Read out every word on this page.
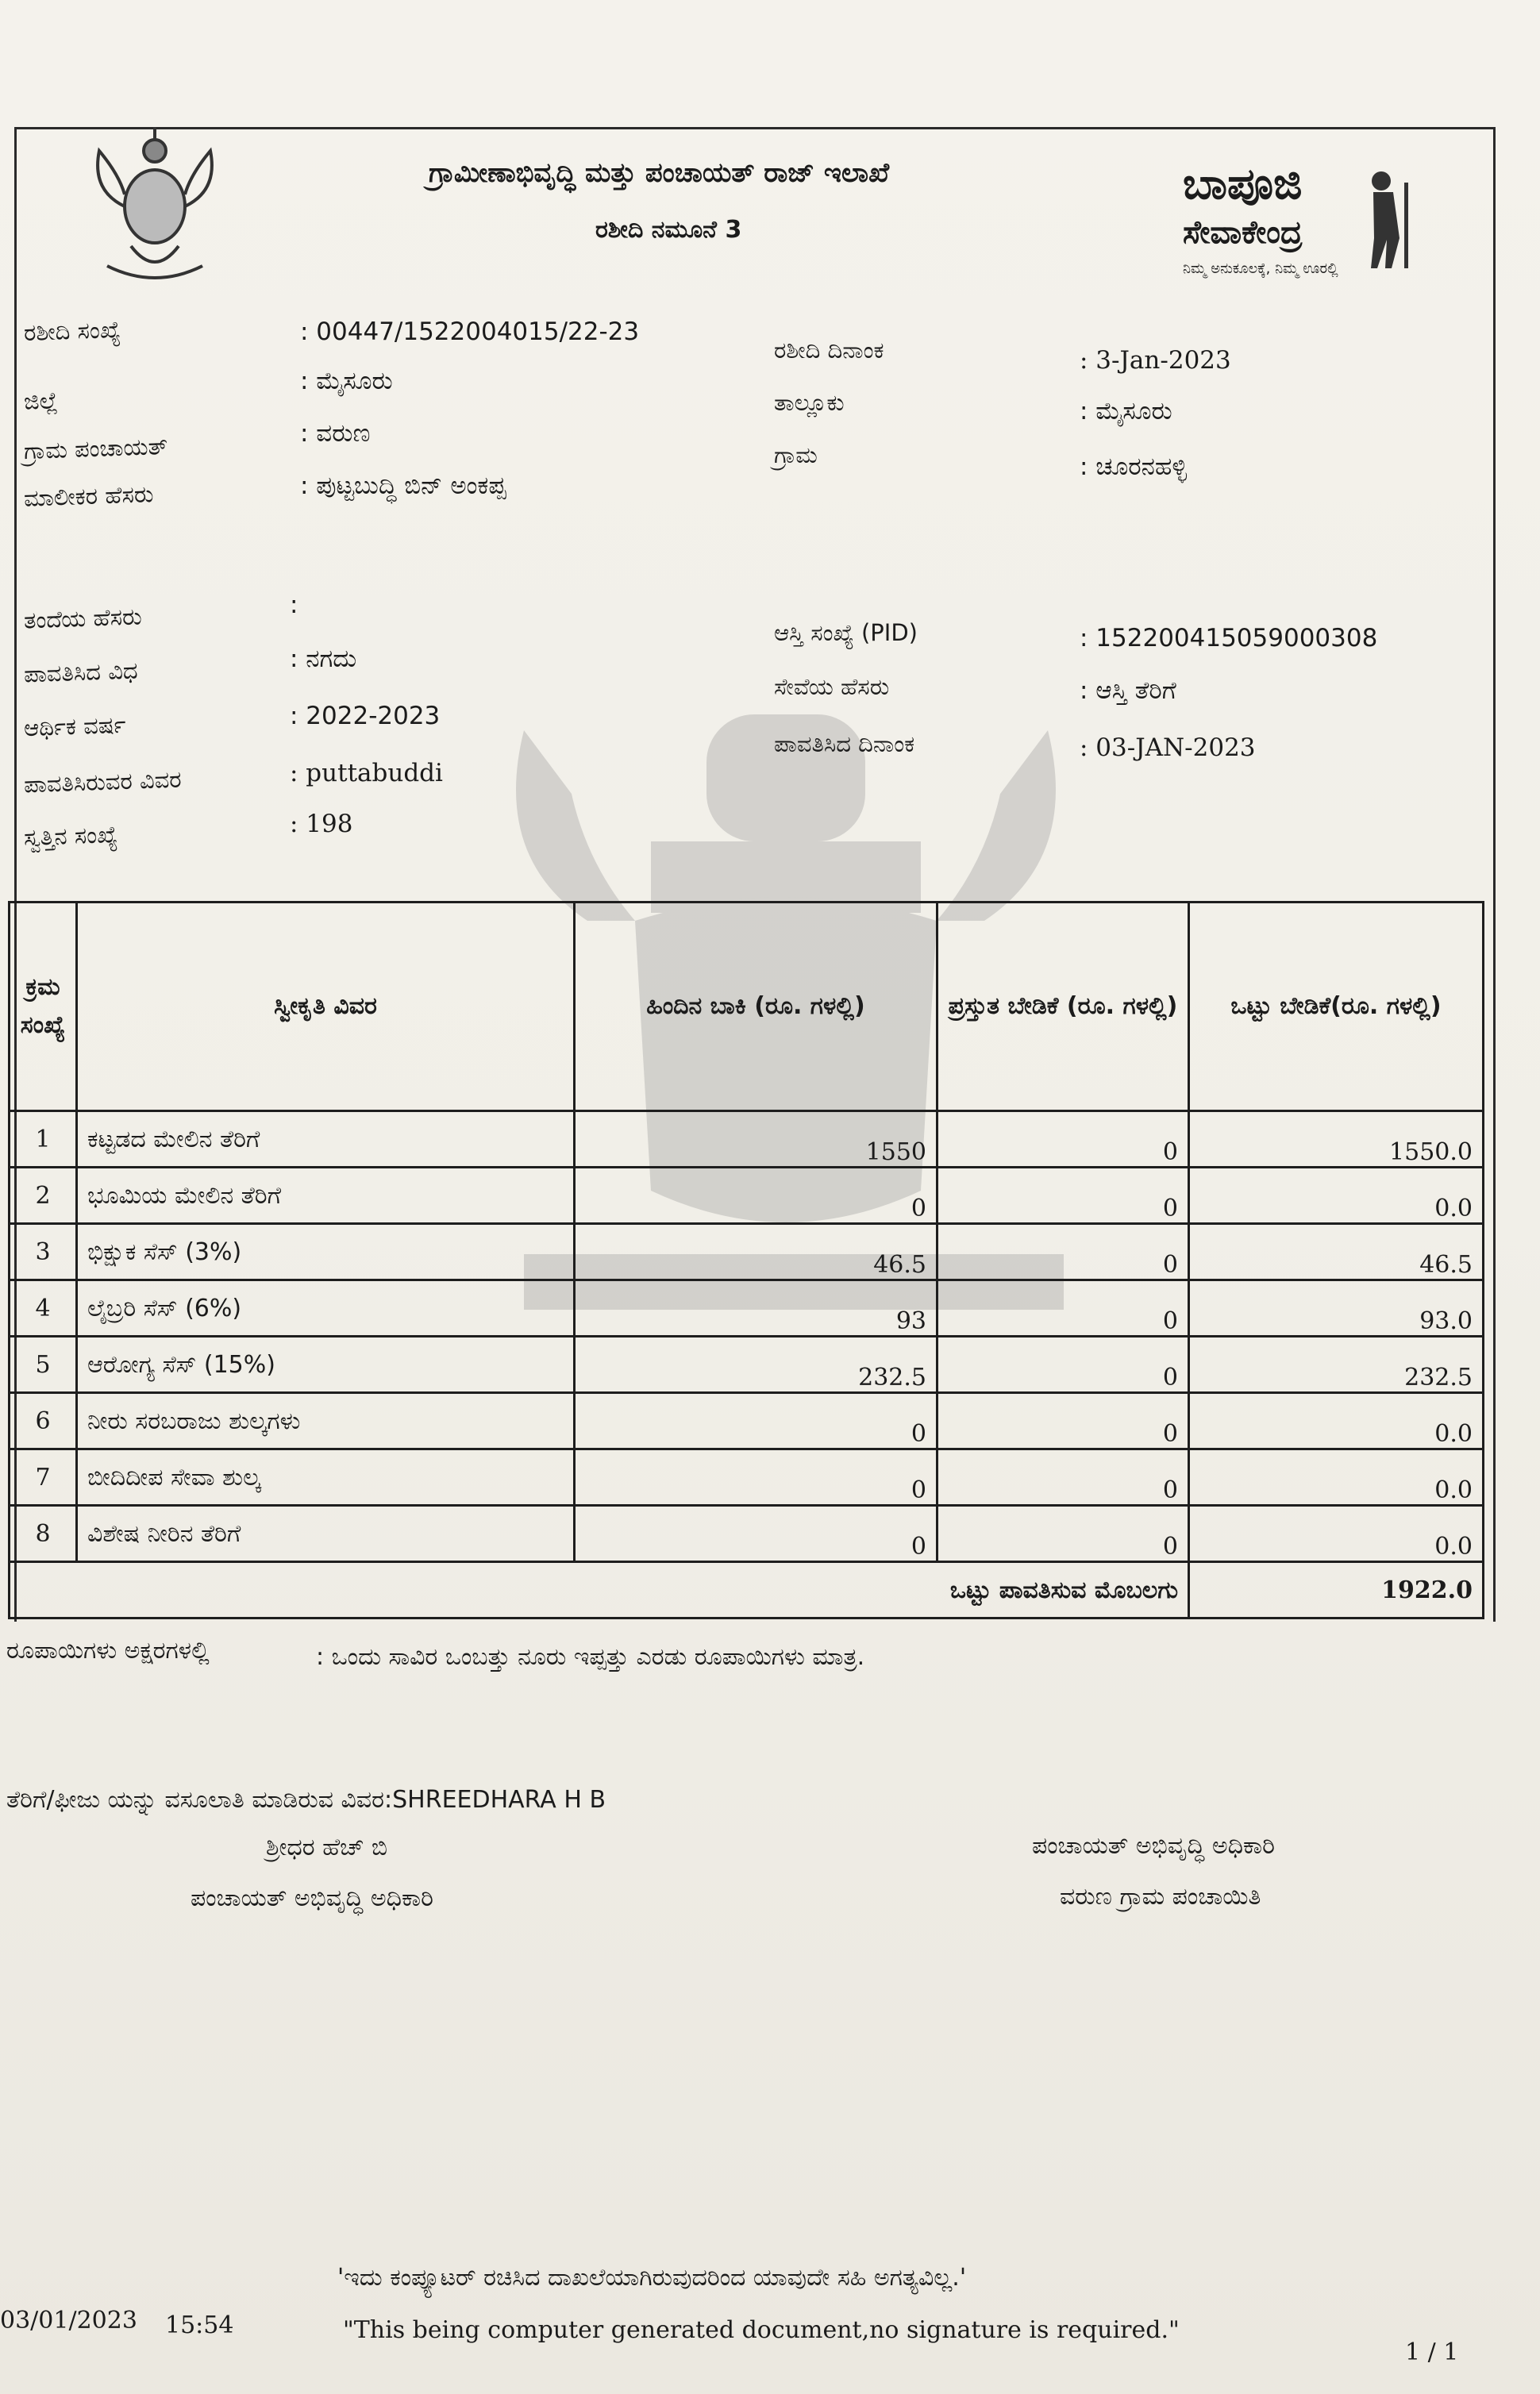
ಗ್ರಾಮೀಣಾಭಿವೃದ್ಧಿ ಮತ್ತು ಪಂಚಾಯತ್ ರಾಜ್ ಇಲಾಖೆ
ರಶೀದಿ ನಮೂನೆ 3
ಬಾಪೂಜಿ
ಸೇವಾಕೇಂದ್ರ
ನಿಮ್ಮ ಅನುಕೂಲಕ್ಕೆ, ನಿಮ್ಮ ಊರಲ್ಲಿ
ರಶೀದಿ ಸಂಖ್ಯೆ	: 00447/1522004015/22-23
ಜಿಲ್ಲೆ
: ಮೈಸೂರು
ಗ್ರಾಮ ಪಂಚಾಯತ್	: ವರುಣ
ಮಾಲೀಕರ ಹೆಸರು	: ಪುಟ್ಟಬುದ್ಧಿ ಬಿನ್ ಅಂಕಪ್ಪ
ತಂದೆಯ ಹೆಸರು	:
ಪಾವತಿಸಿದ ವಿಧ	: ನಗದು
ಆರ್ಥಿಕ ವರ್ಷ	: 2022-2023
ಪಾವತಿಸಿರುವರ ವಿವರ	: puttabuddi
ಸ್ವತ್ತಿನ ಸಂಖ್ಯೆ	: 198
ರಶೀದಿ ದಿನಾಂಕ	: 3-Jan-2023
ತಾಲ್ಲೂಕು	: ಮೈಸೂರು
ಗ್ರಾಮ	: ಚೂರನಹಳ್ಳಿ
ಆಸ್ತಿ ಸಂಖ್ಯೆ (PID)	: 152200415059000308
ಸೇವೆಯ ಹೆಸರು	: ಆಸ್ತಿ ತೆರಿಗೆ
ಪಾವತಿಸಿದ ದಿನಾಂಕ	: 03-JAN-2023
ಕ್ರಮ ಸಂಖ್ಯೆ	ಸ್ವೀಕೃತಿ ವಿವರ	ಹಿಂದಿನ ಬಾಕಿ (ರೂ. ಗಳಲ್ಲಿ)	ಪ್ರಸ್ತುತ ಬೇಡಿಕೆ (ರೂ. ಗಳಲ್ಲಿ)	ಒಟ್ಟು ಬೇಡಿಕೆ(ರೂ. ಗಳಲ್ಲಿ)
1	ಕಟ್ಟಡದ ಮೇಲಿನ ತೆರಿಗೆ	1550	0	1550.0
2	ಭೂಮಿಯ ಮೇಲಿನ ತೆರಿಗೆ	0	0	0.0
3	ಭಿಕ್ಷುಕ ಸೆಸ್ (3%)	46.5	0	46.5
4	ಲೈಬ್ರರಿ ಸೆಸ್ (6%)	93	0	93.0
5	ಆರೋಗ್ಯ ಸೆಸ್ (15%)	232.5	0	232.5
6	ನೀರು ಸರಬರಾಜು ಶುಲ್ಕಗಳು	0	0	0.0
7	ಬೀದಿದೀಪ ಸೇವಾ ಶುಲ್ಕ	0	0	0.0
8	ವಿಶೇಷ ನೀರಿನ ತೆರಿಗೆ	0	0	0.0
ಒಟ್ಟು ಪಾವತಿಸುವ ಮೊಬಲಗು				1922.0
ರೂಪಾಯಿಗಳು ಅಕ್ಷರಗಳಲ್ಲಿ	: ಒಂದು ಸಾವಿರ ಒಂಬತ್ತು ನೂರು ಇಪ್ಪತ್ತು ಎರಡು ರೂಪಾಯಿಗಳು ಮಾತ್ರ.
ತೆರಿಗೆ/ಫೀಜು ಯನ್ನು ವಸೂಲಾತಿ ಮಾಡಿರುವ ವಿವರ:SHREEDHARA H B
ಶ್ರೀಧರ ಹೆಚ್ ಬಿ
ಪಂಚಾಯತ್ ಅಭಿವೃದ್ಧಿ ಅಧಿಕಾರಿ
ಪಂಚಾಯತ್ ಅಭಿವೃದ್ಧಿ ಅಧಿಕಾರಿ
ವರುಣ ಗ್ರಾಮ ಪಂಚಾಯಿತಿ
'ಇದು ಕಂಪ್ಯೂಟರ್ ರಚಿಸಿದ ದಾಖಲೆಯಾಗಿರುವುದರಿಂದ ಯಾವುದೇ ಸಹಿ ಅಗತ್ಯವಿಲ್ಲ.'
"This being computer generated document,no signature is required."
03/01/2023 15:54
1 / 1
